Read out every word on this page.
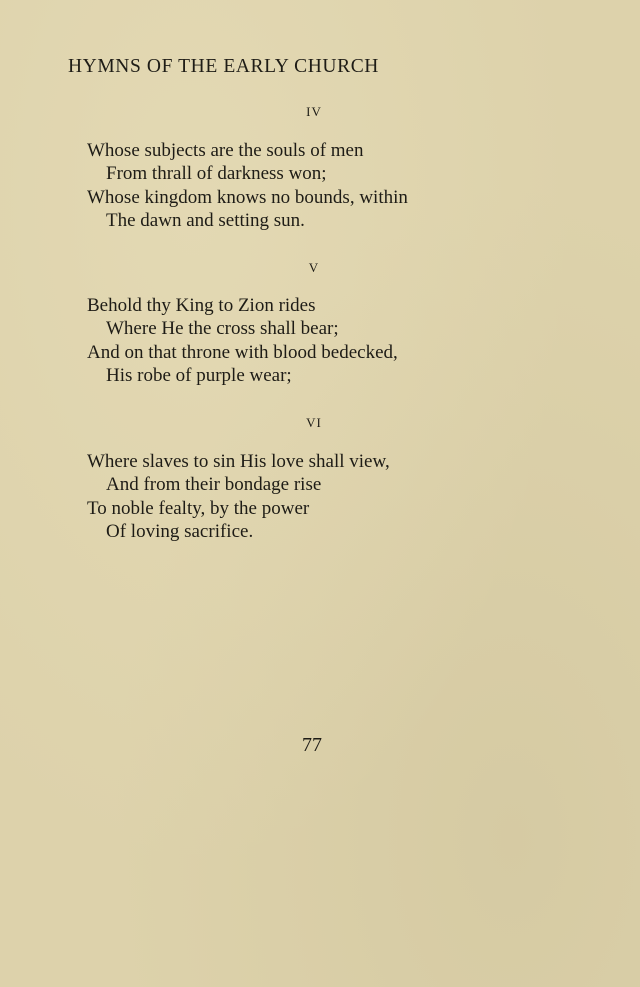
HYMNS OF THE EARLY CHURCH
IV
Whose subjects are the souls of men
From thrall of darkness won;
Whose kingdom knows no bounds, within
The dawn and setting sun.
V
Behold thy King to Zion rides
Where He the cross shall bear;
And on that throne with blood bedecked,
His robe of purple wear;
VI
Where slaves to sin His love shall view,
And from their bondage rise
To noble fealty, by the power
Of loving sacrifice.
77
